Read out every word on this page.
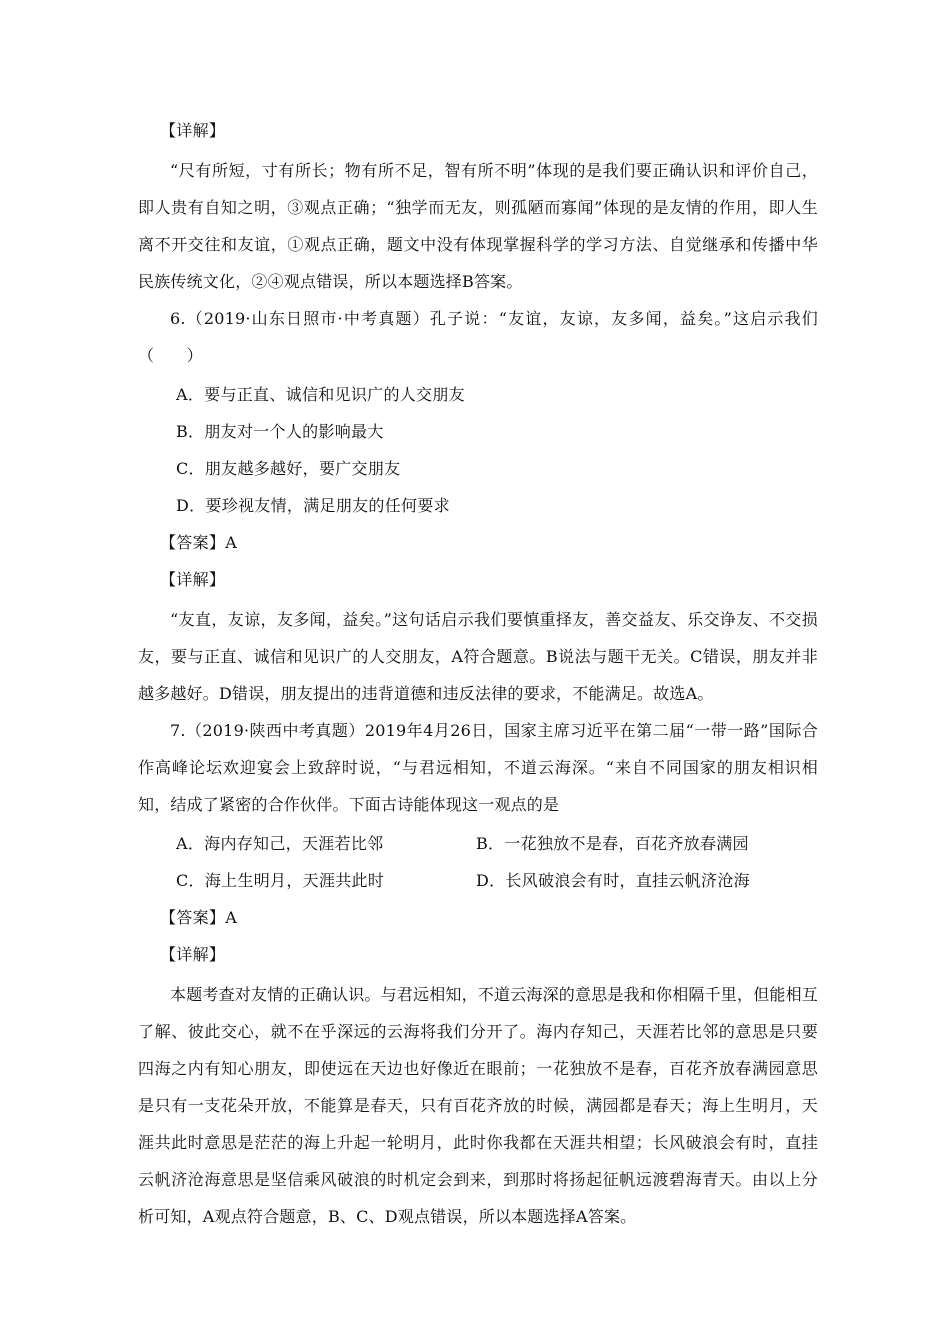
【详解】
“尺有所短，寸有所长；物有所不足，智有所不明”体现的是我们要正确认识和评价自己，即人贵有自知之明，③观点正确；“独学而无友，则孤陋而寡闻”体现的是友情的作用，即人生离不开交往和友谊，①观点正确，题文中没有体现掌握科学的学习方法、自觉继承和传播中华民族传统文化，②④观点错误，所以本题选择B答案。
6.（2019·山东日照市·中考真题）孔子说：“友谊，友谅，友多闻，益矣。”这启示我们（　　）
A．要与正直、诚信和见识广的人交朋友
B．朋友对一个人的影响最大
C．朋友越多越好，要广交朋友
D．要珍视友情，满足朋友的任何要求
【答案】A
【详解】
“友直，友谅，友多闻，益矣。”这句话启示我们要慎重择友，善交益友、乐交诤友、不交损友，要与正直、诚信和见识广的人交朋友，A符合题意。B说法与题干无关。C错误，朋友并非越多越好。D错误，朋友提出的违背道德和违反法律的要求，不能满足。故选A。
7.（2019·陕西中考真题）2019年4月26日，国家主席习近平在第二届“一带一路”国际合作高峰论坛欢迎宴会上致辞时说，“与君远相知，不道云海深。“来自不同国家的朋友相识相知，结成了紧密的合作伙伴。下面古诗能体现这一观点的是
A．海内存知己，天涯若比邻	B．一花独放不是春，百花齐放春满园
C．海上生明月，天涯共此时	D．长风破浪会有时，直挂云帆济沧海
【答案】A
【详解】
本题考查对友情的正确认识。与君远相知，不道云海深的意思是我和你相隔千里，但能相互了解、彼此交心，就不在乎深远的云海将我们分开了。海内存知己，天涯若比邻的意思是只要四海之内有知心朋友，即使远在天边也好像近在眼前；一花独放不是春，百花齐放春满园意思是只有一支花朵开放，不能算是春天，只有百花齐放的时候，满园都是春天；海上生明月，天涯共此时意思是茫茫的海上升起一轮明月，此时你我都在天涯共相望；长风破浪会有时，直挂云帆济沧海意思是坚信乘风破浪的时机定会到来，到那时将扬起征帆远渡碧海青天。由以上分析可知，A观点符合题意，B、C、D观点错误，所以本题选择A答案。
